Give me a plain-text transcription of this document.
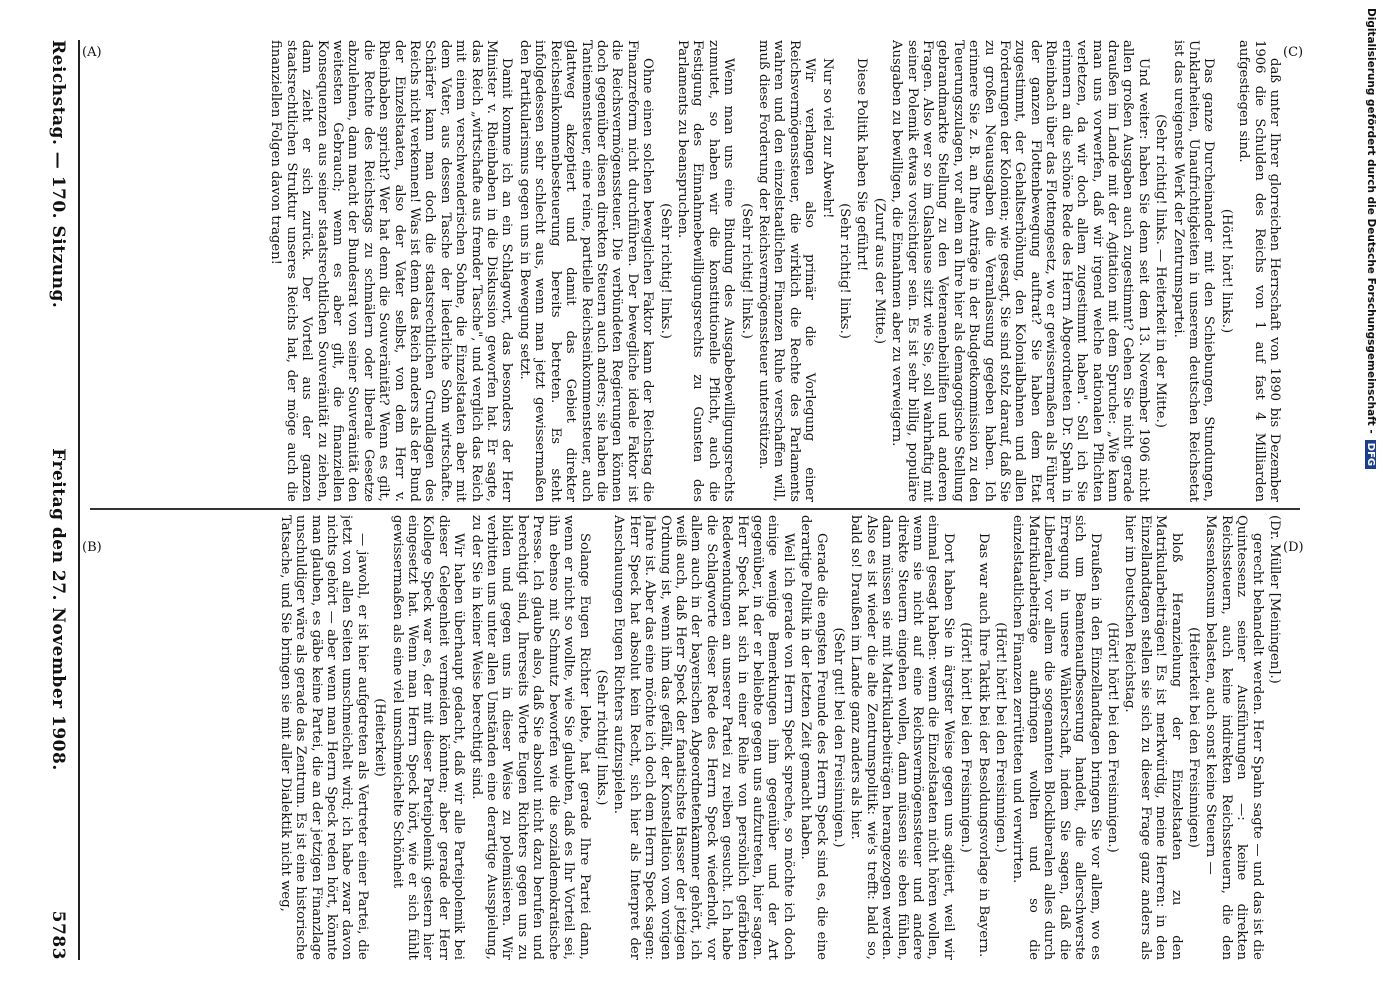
Reichstag. — 170. Sitzung.
Freitag den 27. November 1908.
5783
(A)
(B)
(C)
(D)

(Dr. Müller [Meiningen].)

gerecht behandelt werden. Herr Spahn sagte — und das ist die Quintessenz seiner Ausführungen —: keine direkten Reichssteuern, auch keine indirekten Reichssteuern, die den Massenkonsum belasten, auch sonst keine Steuern —

(Heiterkeit bei den Freisinnigen)

bloß Heranziehung der Einzelstaaten zu den Matrikularbeiträgen! Es ist merkwürdig, meine Herren: in den Einzellandtagen stellen sie sich zu dieser Frage ganz anders als hier im Deutschen Reichstag.

(Hört! hört! bei den Freisinnigen.)

Draußen in den Einzellandtagen bringen Sie vor allem, wo es sich um Beamtenaufbesserung handelt, die allerschwerste Erregung in unsere Wählerschaft, indem Sie sagen, daß die Liberalen, vor allem die sogenannten Blockliberalen alles durch Matrikularbeiträge aufbringen wollten und so die einzelstaatlichen Finanzen zerrütteten und verwirrten.

(Hört! hört! bei den Freisinnigen.)

Das war auch Ihre Taktik bei der Besoldungsvorlage in Bayern.

(Hört! hört! bei den Freisinnigen.)

Dort haben Sie in ärgster Weise gegen uns agitiert, weil wir einmal gesagt haben: wenn die Einzelstaaten nicht hören wollen, wenn sie nicht auf eine Reichsvermögenssteuer und andere direkte Steuern eingehen wollen, dann müssen sie eben fühlen, dann müssen sie mit Matrikularbeiträgen herangezogen werden. Also es ist wieder die alte Zentrumspolitik: wie's trefft: bald so, bald so! Draußen im Lande ganz anders als hier.

(Sehr gut! bei den Freisinnigen.)

Gerade die engsten Freunde des Herrn Speck sind es, die eine derartige Politik in der letzten Zeit gemacht haben.

Weil ich gerade von Herrn Speck spreche, so möchte ich doch einige wenige Bemerkungen ihm gegenüber und der Art gegenüber, in der er beliebte gegen uns aufzutreten, hier sagen. Herr Speck hat sich in einer Reihe von persönlich gefärbten Redewendungen an unserer Partei zu reiben gesucht. Ich habe die Schlagworte dieser Rede des Herrn Speck wiederholt, vor allem auch in der bayerischen Abgeordnetenkammer gehört, ich weiß auch, daß Herr Speck der fanatischste Hasser der jetzigen Ordnung ist, wenn ihm das gefällt, der Konstellation vom vorigen Jahre ist. Aber das eine möchte ich doch dem Herrn Speck sagen: Herr Speck hat absolut kein Recht, sich hier als Interpret der Anschauungen Eugen Richters aufzuspielen.

(Sehr richtig! links.)

Solange Eugen Richter lebte, hat gerade Ihre Partei dann, wenn er nicht so wollte, wie Sie glaubten, daß es Ihr Vorteil sei, ihn ebenso mit Schmutz beworfen wie die sozialdemokratische Presse. Ich glaube also, daß Sie absolut nicht dazu berufen und berechtigt sind, Ihrerseits Worte Eugen Richters gegen uns zu bilden und gegen uns in dieser Weise zu polemisieren. Wir verbitten uns unter allen Umständen eine derartige Ausspielung, zu der Sie in keiner Weise berechtigt sind.

Wir haben überhaupt gedacht, daß wir alle Parteipolemik bei dieser Gelegenheit vermeiden könnten; aber gerade der Herr Kollege Speck war es, der mit dieser Parteipolemik gestern hier eingesetzt hat. Wenn man Herrn Speck hört, wie er sich fühlt gewissermaßen als eine viel umschmeichelte Schönheit

(Heiterkeit)

— jawohl, er ist hier aufgetreten als Vertreter einer Partei, die jetzt von allen Seiten umschmeichelt wird; ich habe zwar davon nichts gehört — aber wenn man Herrn Speck reden hört, könnte man glauben, es gäbe keine Partei, die an der jetzigen Finanzlage unschuldiger wäre als gerade das Zentrum. Es ist eine historische Tatsache, und Sie bringen sie mit aller Dialektik nicht weg,

daß unter Ihrer glorreichen Herrschaft von 1890 bis Dezember 1906 die Schulden des Reichs von 1 auf fast 4 Milliarden aufgestiegen sind.

(Hört! hört! links.)

Das ganze Durcheinander mit den Schiebungen, Stundungen, Unklarheiten, Unaufrichtigkeiten in unserem deutschen Reichsetat ist das ureigenste Werk der Zentrumspartei.

(Sehr richtig! links. — Heiterkeit in der Mitte.)

Und weiter: haben Sie denn seit dem 13. November 1906 nicht allen großen Ausgaben auch zugestimmt? Gehen Sie nicht gerade draußen im Lande mit der Agitation mit dem Spruche: „Wie kann man uns vorwerfen, daß wir irgend welche nationalen Pflichten verletzen, da wir doch allem zugestimmt haben". Soll ich Sie erinnern an die schöne Rede des Herrn Abgeordneten Dr. Spahn in Rheinbach über das Flottengesetz, wo er gewissermaßen als Führer der ganzen Flottenbewegung auftrat? Sie haben dem Etat zugestimmt, der Gehaltserhöhung, den Kolonialbahnen und allen Forderungen der Kolonien; wie gesagt, Sie sind stolz darauf, daß Sie zu großen Neuausgaben die Veranlassung gegeben haben. Ich erinnere Sie z. B. an Ihre Anträge in der Budgetkommission zu den Teuerungszulagen, vor allem an Ihre hier als demagogische Stellung gebrandmarkte Stellung zu den Veteranenbeihilfen und anderen Fragen. Also wer so im Glashause sitzt wie Sie, soll wahrhaftig mit seiner Polemik etwas vorsichtiger sein. Es ist sehr billig, populäre Ausgaben zu bewilligen, die Einnahmen aber zu verweigern.

(Zuruf aus der Mitte.)

Diese Politik haben Sie geführt!

(Sehr richtig! links.)

Nur so viel zur Abwehr!

Wir verlangen also primär die Vorlegung einer Reichsvermögenssteuer, die wirklich die Rechte des Parlaments wahren und den einzelstaatlichen Finanzen Ruhe verschaffen will, muß diese Forderung der Reichsvermögenssteuer unterstützen.

(Sehr richtig! links.)

Wenn man uns eine Bindung des Ausgabebewilligungsrechts zumutet, so haben wir die konstitutionelle Pflicht, auch die Festigung des Einnahmebewilligungsrechts zu Gunsten des Parlaments zu beanspruchen.

(Sehr richtig! links.)

Ohne einen solchen beweglichen Faktor kann der Reichstag die Finanzreform nicht durchführen. Der bewegliche ideale Faktor ist die Reichsvermögenssteuer. Die verbündeten Regierungen können doch gegenüber diesen direkten Steuern auch anders; sie haben die Tantiemensteuer, eine reine, partielle Reichseinkommensteuer, auch glattweg akzeptiert und damit das Gebiet direkter Reichseinkommenbesteuerung bereits betreten. Es steht infolgedessen sehr schlecht aus, wenn man jetzt gewissermaßen den Partikularismus gegen uns in Bewegung setzt.

Damit komme ich an ein Schlagwort, das besonders der Herr Minister v. Rheinbaben in die Diskussion geworfen hat. Er sagte, das Reich „wirtschafte aus fremder Tasche", und verglich das Reich mit einem verschwenderischen Sohne, die Einzelstaaten aber mit dem Vater, aus dessen Tasche der liederliche Sohn wirtschafte. Schärfer kann man doch die staatsrechtlichen Grundlagen des Reichs nicht verkennen! Was ist denn das Reich anders als der Bund der Einzelstaaten, also der Vater selbst, von dem Herr v. Rheinbaben spricht? Wer hat denn die Souveränität? Wenn es gilt, die Rechte des Reichstags zu schmälern oder liberale Gesetze abzulehnen, dann macht der Bundesrat von seiner Souveränität den weitesten Gebrauch; wenn es aber gilt, die finanziellen Konsequenzen aus seiner staatsrechtlichen Souveränität zu ziehen, dann zieht er sich zurück. Der Vorteil aus der ganzen staatsrechtlichen Struktur unseres Reichs hat, der möge auch die finanziellen Folgen davon tragen!	Digitalisierung gefördert durch die Deutsche Forschungsgemeinschaft -
DFG
